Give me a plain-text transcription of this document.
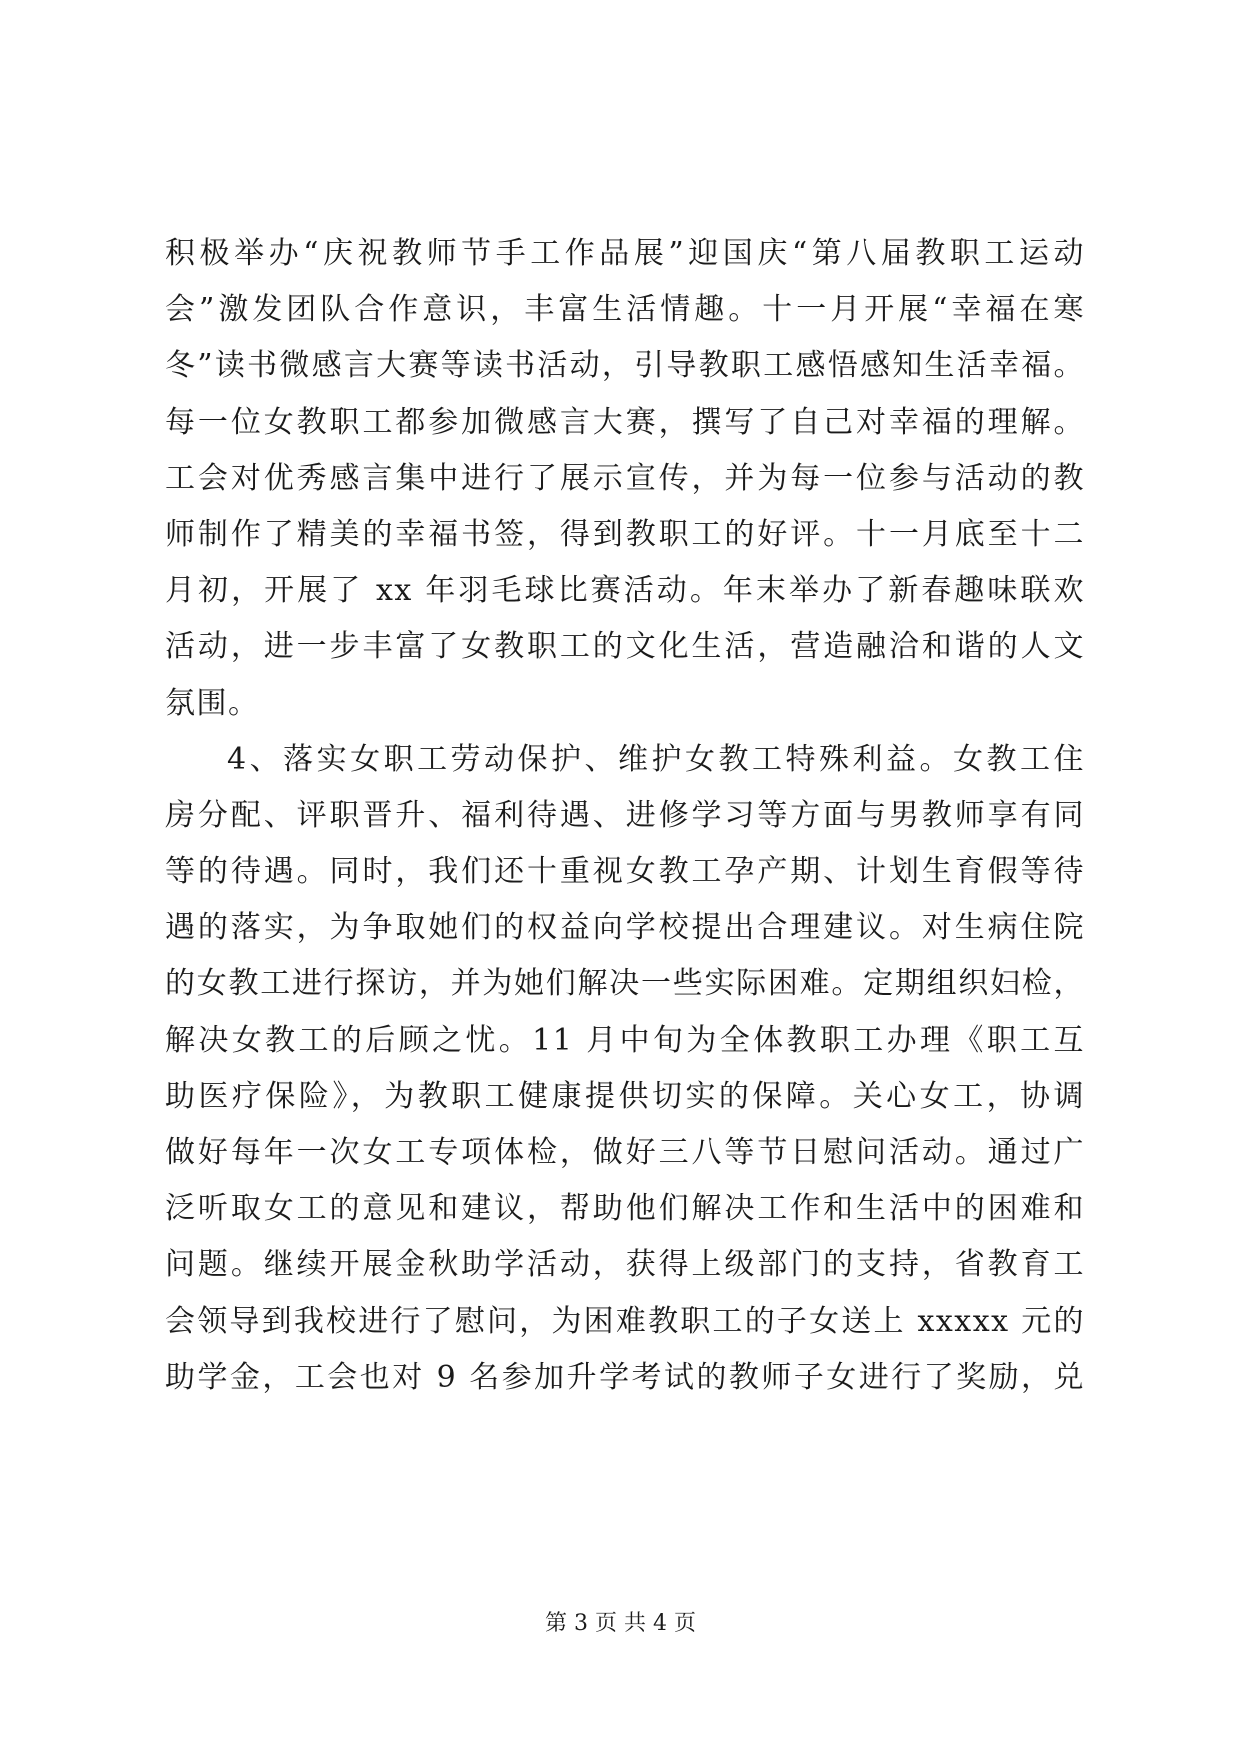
积极举办“庆祝教师节手工作品展”迎国庆“第八届教职工运动
会”激发团队合作意识，丰富生活情趣。十一月开展“幸福在寒
冬”读书微感言大赛等读书活动，引导教职工感悟感知生活幸福。
每一位女教职工都参加微感言大赛，撰写了自己对幸福的理解。
工会对优秀感言集中进行了展示宣传，并为每一位参与活动的教
师制作了精美的幸福书签，得到教职工的好评。十一月底至十二
月初，开展了 xx 年羽毛球比赛活动。年末举办了新春趣味联欢
活动，进一步丰富了女教职工的文化生活，营造融洽和谐的人文
氛围。
4、落实女职工劳动保护、维护女教工特殊利益。女教工住
房分配、评职晋升、福利待遇、进修学习等方面与男教师享有同
等的待遇。同时，我们还十重视女教工孕产期、计划生育假等待
遇的落实，为争取她们的权益向学校提出合理建议。对生病住院
的女教工进行探访，并为她们解决一些实际困难。定期组织妇检，
解决女教工的后顾之忧。11 月中旬为全体教职工办理《职工互
助医疗保险》，为教职工健康提供切实的保障。关心女工，协调
做好每年一次女工专项体检，做好三八等节日慰问活动。通过广
泛听取女工的意见和建议，帮助他们解决工作和生活中的困难和
问题。继续开展金秋助学活动，获得上级部门的支持，省教育工
会领导到我校进行了慰问，为困难教职工的子女送上 xxxxx 元的
助学金，工会也对 9 名参加升学考试的教师子女进行了奖励，兑
第 3 页 共 4 页
